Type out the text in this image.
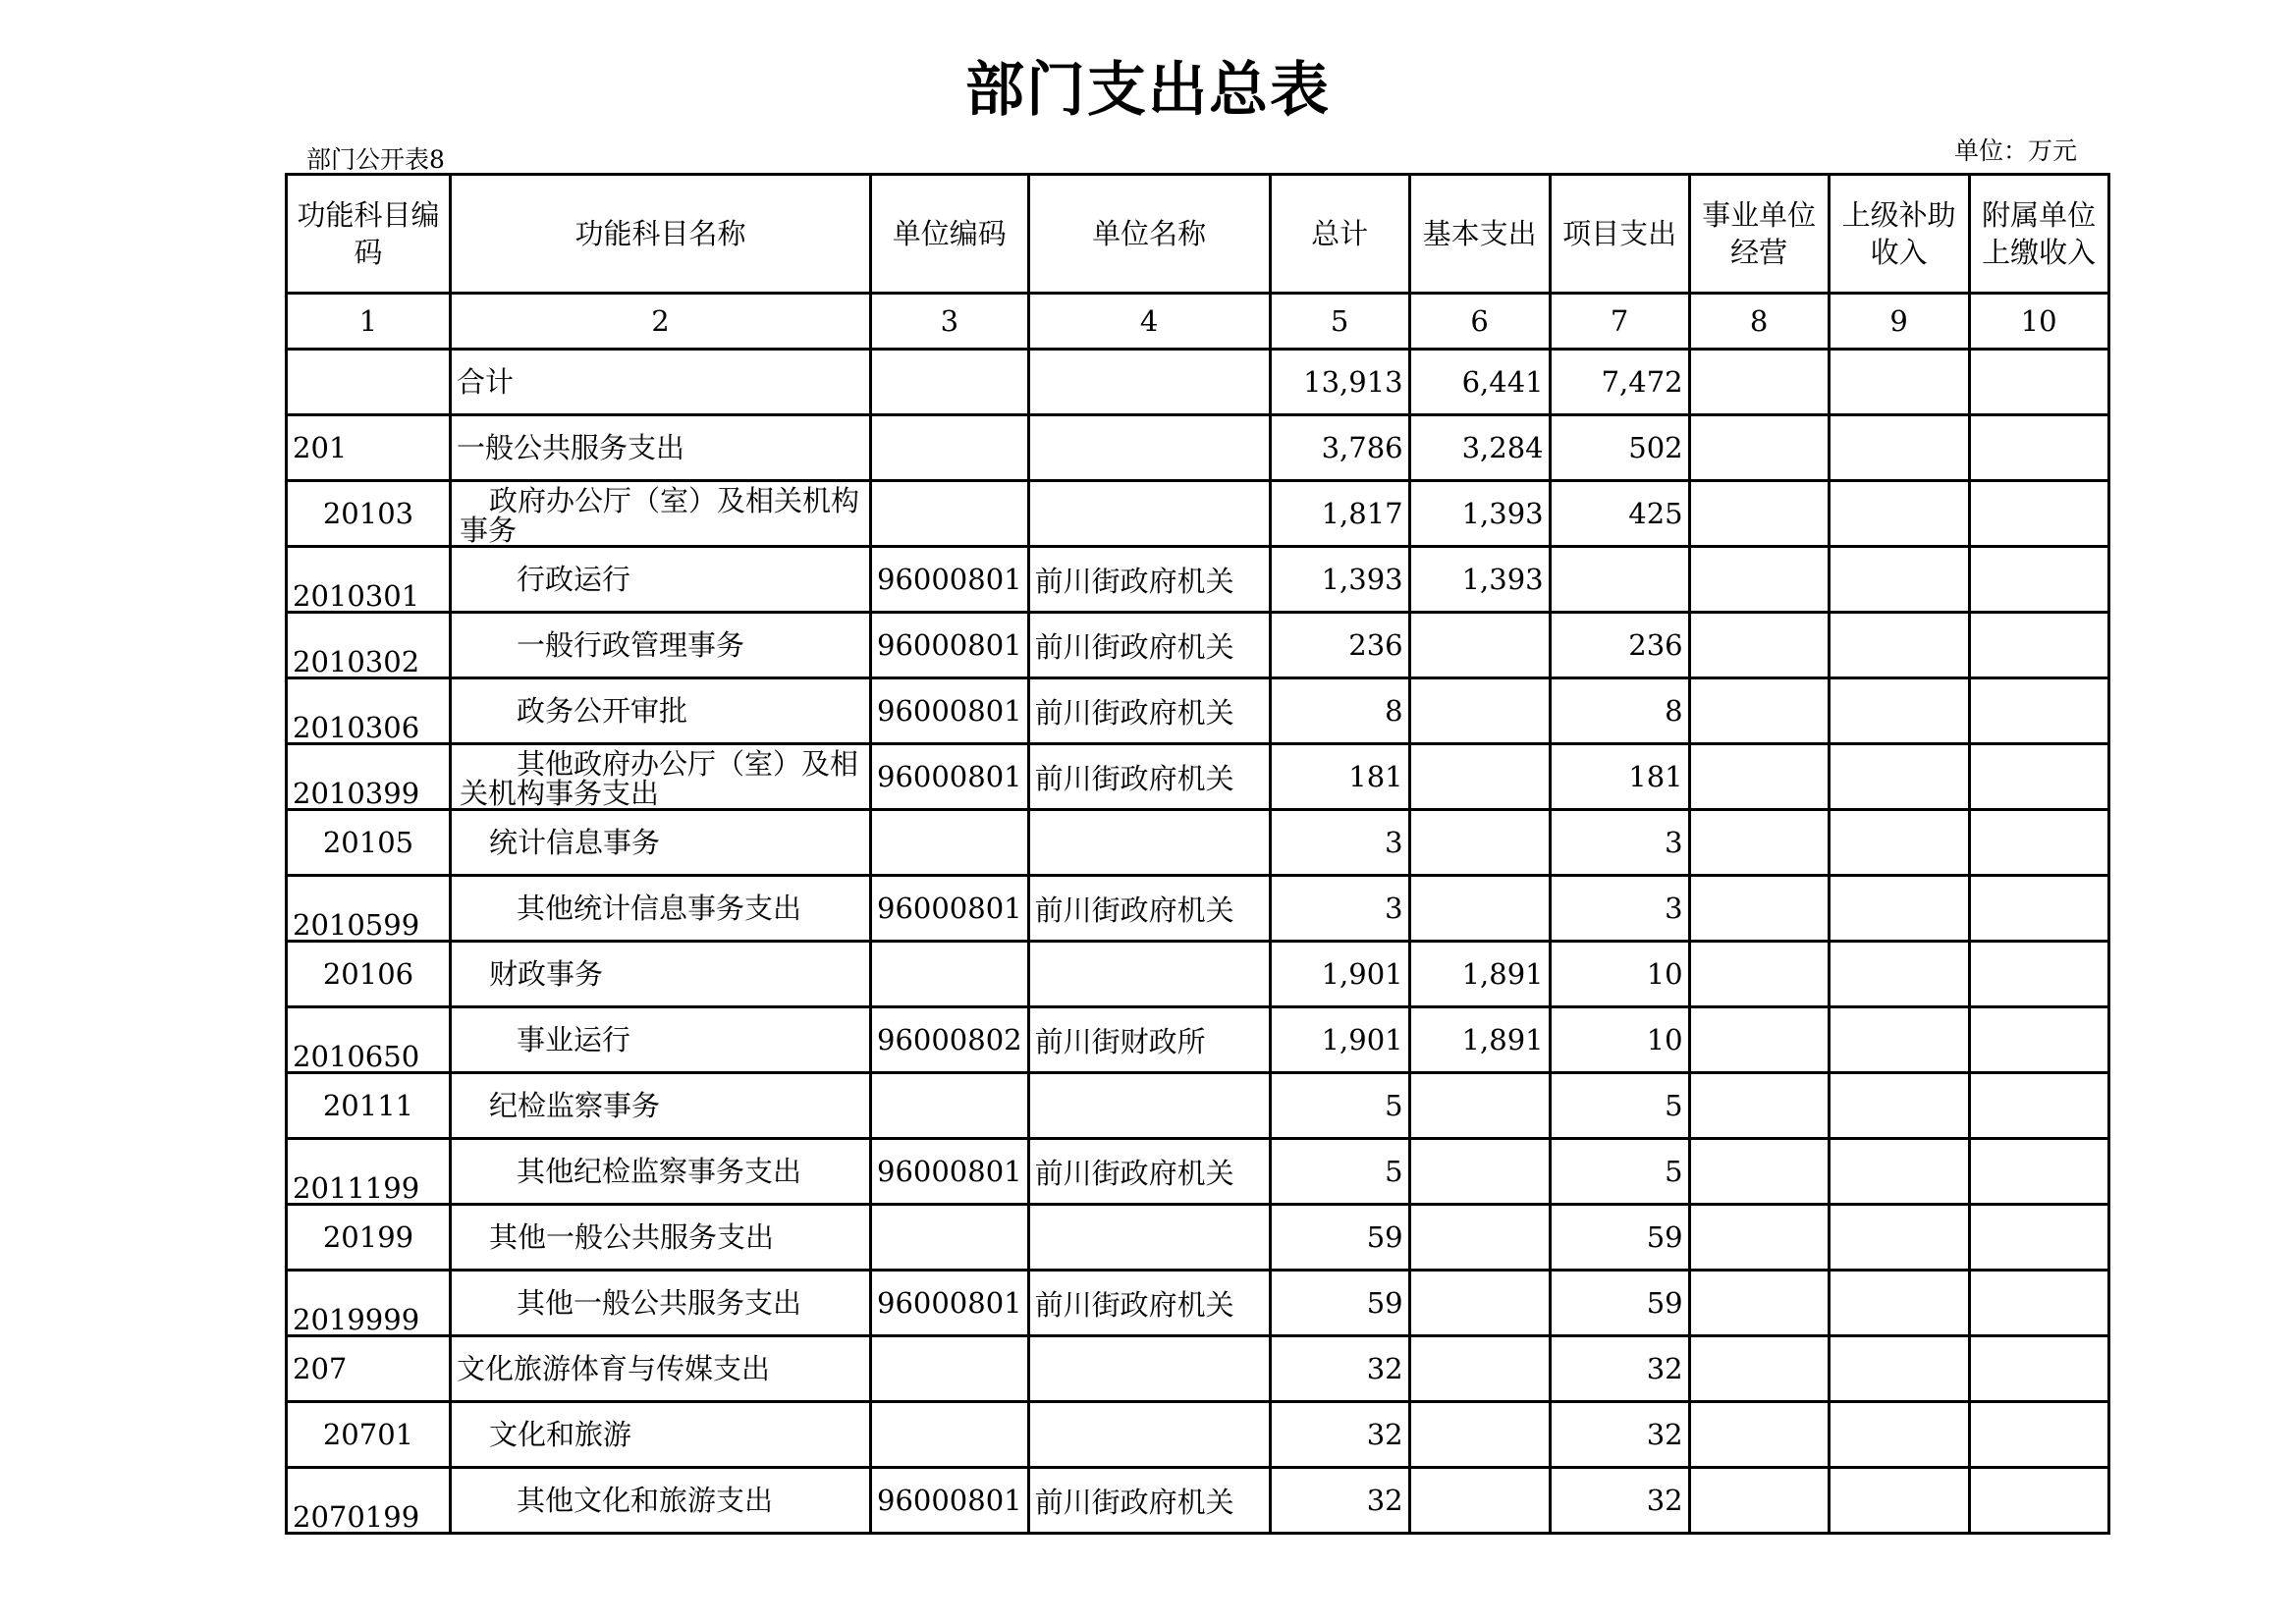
部门支出总表
部门公开表8	单位：万元
功能科目编码	功能科目名称	单位编码	单位名称	总计	基本支出	项目支出	事业单位经营	上级补助收入	附属单位上缴收入
1	2	3	4	5	6	7	8	9	10
	合计			13,913	6,441	7,472			
201	一般公共服务支出			3,786	3,284	502			
20103	政府办公厅（室）及相关机构事务			1,817	1,393	425			
2010301	行政运行	96000801	前川街政府机关	1,393	1,393				
2010302	一般行政管理事务	96000801	前川街政府机关	236		236			
2010306	政务公开审批	96000801	前川街政府机关	8		8			
2010399	其他政府办公厅（室）及相关机构事务支出	96000801	前川街政府机关	181		181			
20105	统计信息事务			3		3			
2010599	其他统计信息事务支出	96000801	前川街政府机关	3		3			
20106	财政事务			1,901	1,891	10			
2010650	事业运行	96000802	前川街财政所	1,901	1,891	10			
20111	纪检监察事务			5		5			
2011199	其他纪检监察事务支出	96000801	前川街政府机关	5		5			
20199	其他一般公共服务支出			59		59			
2019999	其他一般公共服务支出	96000801	前川街政府机关	59		59			
207	文化旅游体育与传媒支出			32		32			
20701	文化和旅游			32		32			
2070199	其他文化和旅游支出	96000801	前川街政府机关	32		32			
